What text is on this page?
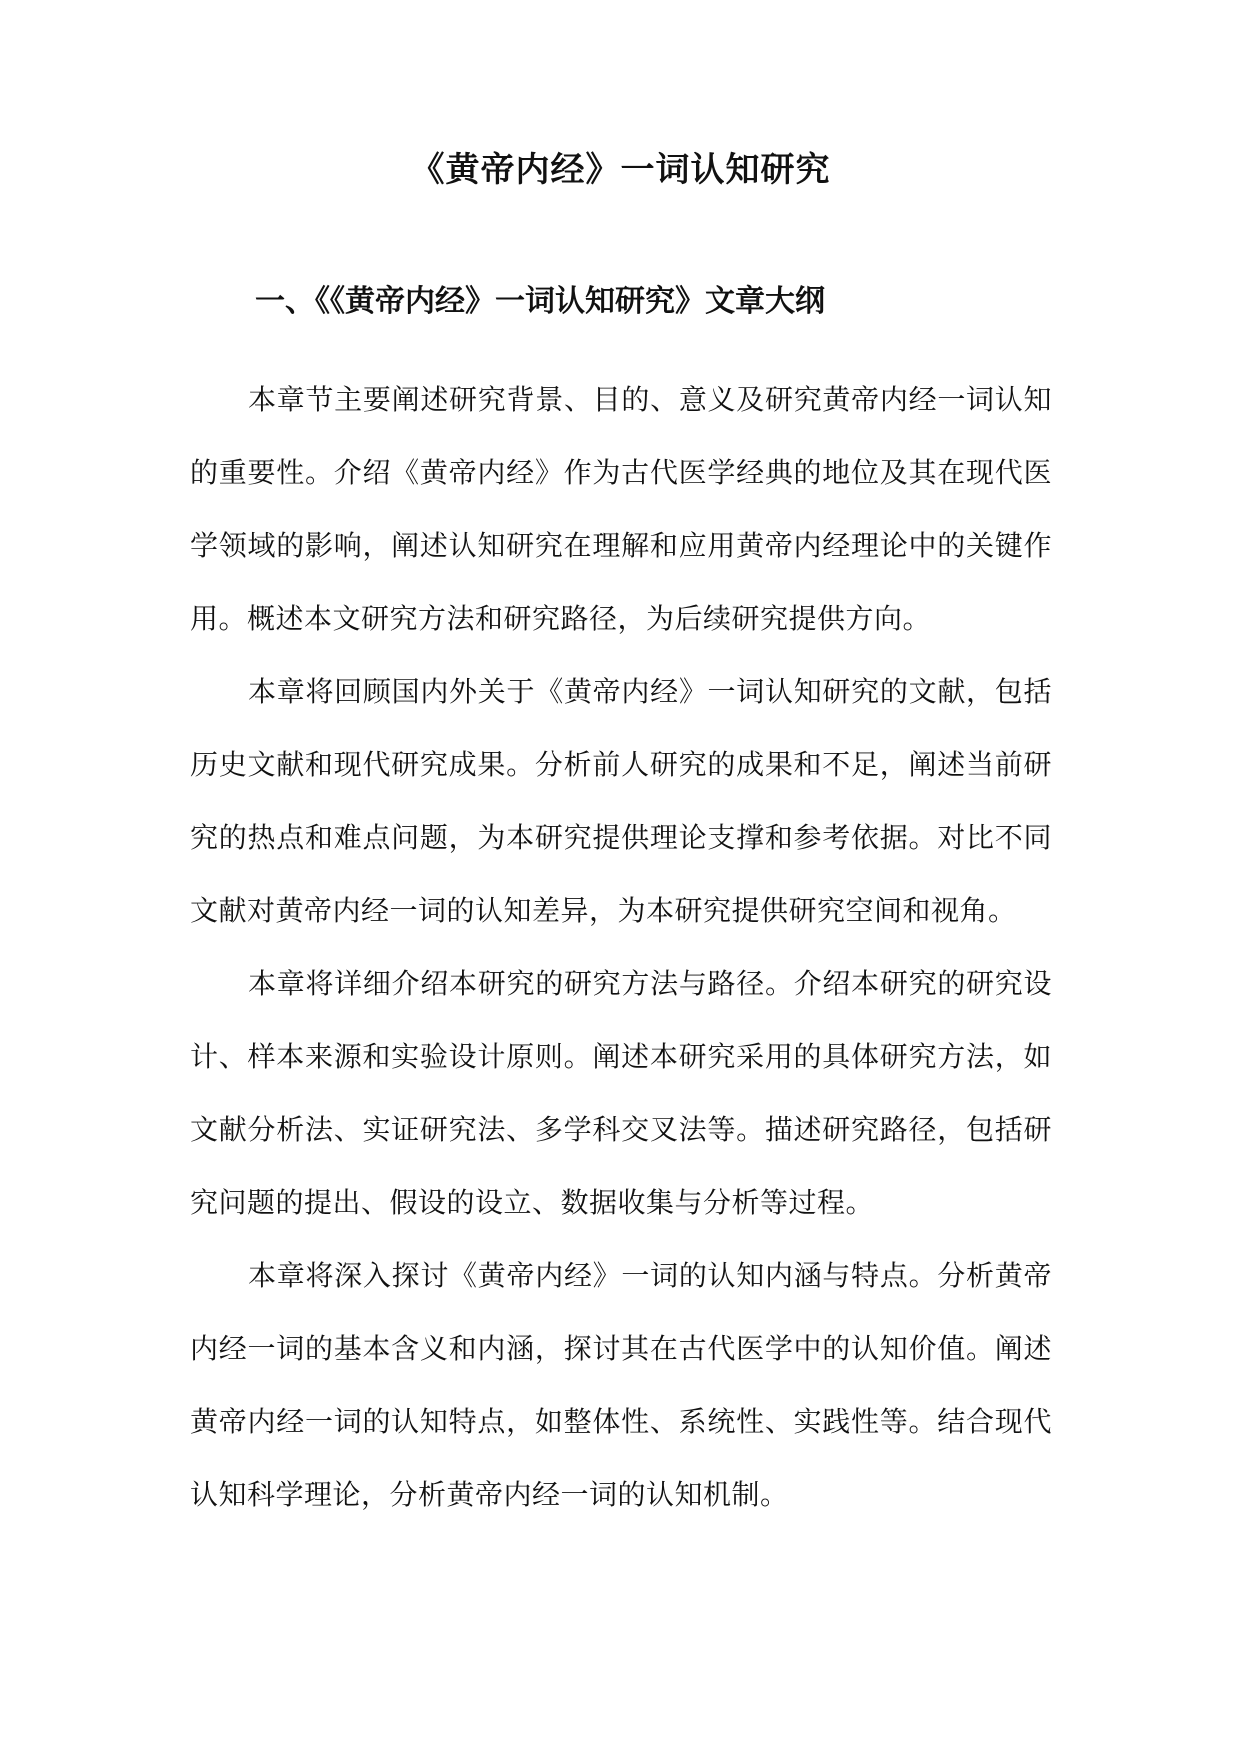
《黄帝内经》一词认知研究
一、《《黄帝内经》一词认知研究》文章大纲

本章节主要阐述研究背景、目的、意义及研究黄帝内经一词认知的重要性。介绍《黄帝内经》作为古代医学经典的地位及其在现代医学领域的影响，阐述认知研究在理解和应用黄帝内经理论中的关键作用。概述本文研究方法和研究路径，为后续研究提供方向。

本章将回顾国内外关于《黄帝内经》一词认知研究的文献，包括历史文献和现代研究成果。分析前人研究的成果和不足，阐述当前研究的热点和难点问题，为本研究提供理论支撑和参考依据。对比不同文献对黄帝内经一词的认知差异，为本研究提供研究空间和视角。

本章将详细介绍本研究的研究方法与路径。介绍本研究的研究设计、样本来源和实验设计原则。阐述本研究采用的具体研究方法，如文献分析法、实证研究法、多学科交叉法等。描述研究路径，包括研究问题的提出、假设的设立、数据收集与分析等过程。

本章将深入探讨《黄帝内经》一词的认知内涵与特点。分析黄帝内经一词的基本含义和内涵，探讨其在古代医学中的认知价值。阐述黄帝内经一词的认知特点，如整体性、系统性、实践性等。结合现代认知科学理论，分析黄帝内经一词的认知机制。
